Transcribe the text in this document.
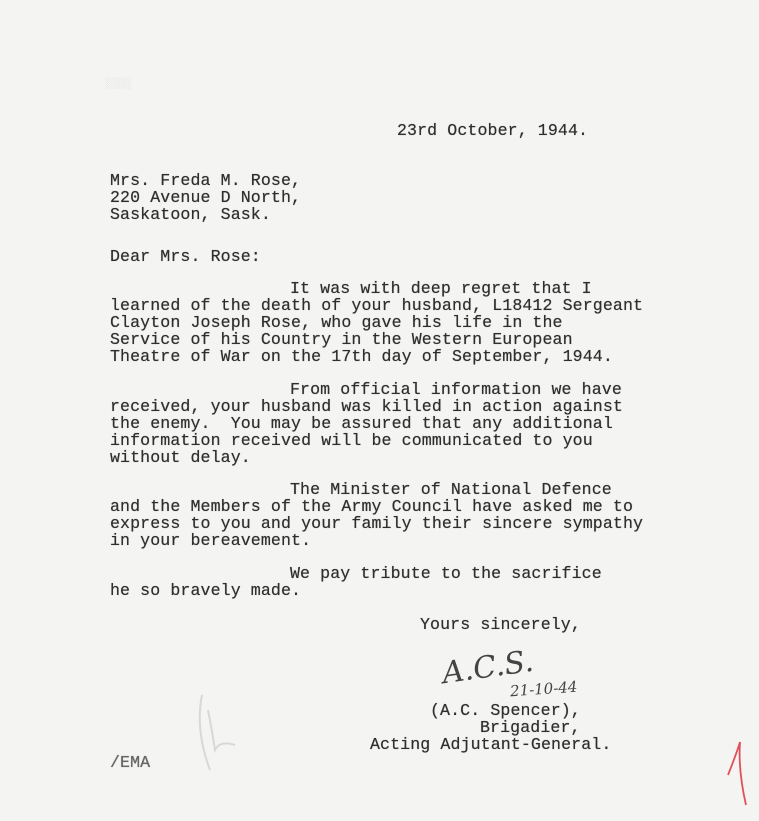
░░░░
23rd October, 1944.
Mrs. Freda M. Rose,
220 Avenue D North,
Saskatoon, Sask.
Dear Mrs. Rose:
It was with deep regret that I
learned of the death of your husband, L18412 Sergeant
Clayton Joseph Rose, who gave his life in the
Service of his Country in the Western European
Theatre of War on the 17th day of September, 1944.
From official information we have
received, your husband was killed in action against
the enemy.  You may be assured that any additional
information received will be communicated to you
without delay.
The Minister of National Defence
and the Members of the Army Council have asked me to
express to you and your family their sincere sympathy
in your bereavement.
We pay tribute to the sacrifice
he so bravely made.
Yours sincerely,
A.C.S.
21-10-44
(A.C. Spencer),
Brigadier,
Acting Adjutant-General.
/EMA
